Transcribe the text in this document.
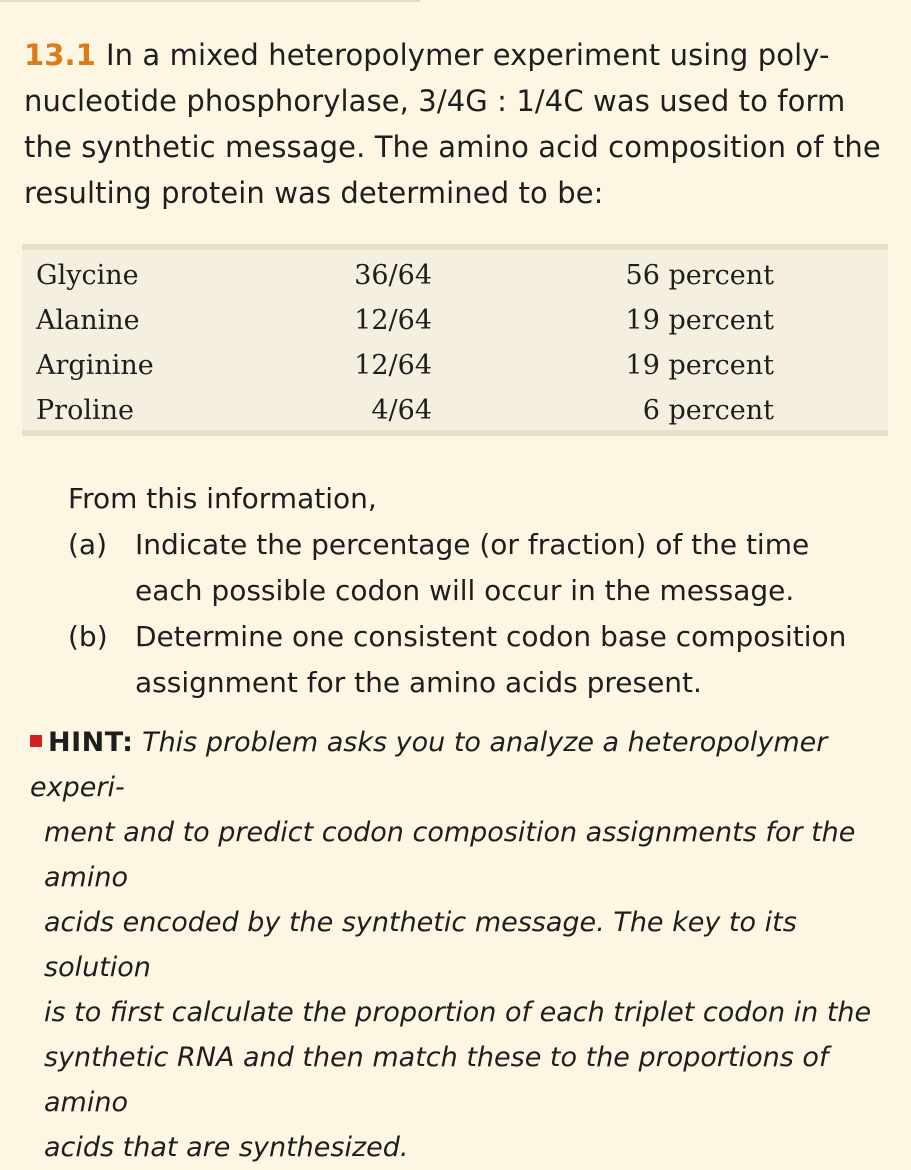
13.1 In a mixed heteropolymer experiment using poly-
nucleotide phosphorylase, 3/4G : 1/4C was used to form
the synthetic message. The amino acid composition of the
resulting protein was determined to be:
Glycine	36/64	56 percent
Alanine	12/64	19 percent
Arginine	12/64	19 percent
Proline	4/64	6 percent
From this information,
(a) Indicate the percentage (or fraction) of the time
each possible codon will occur in the message.
(b) Determine one consistent codon base composition
assignment for the amino acids present.
HINT: This problem asks you to analyze a heteropolymer experi-
ment and to predict codon composition assignments for the amino
acids encoded by the synthetic message. The key to its solution
is to first calculate the proportion of each triplet codon in the
synthetic RNA and then match these to the proportions of amino
acids that are synthesized.
